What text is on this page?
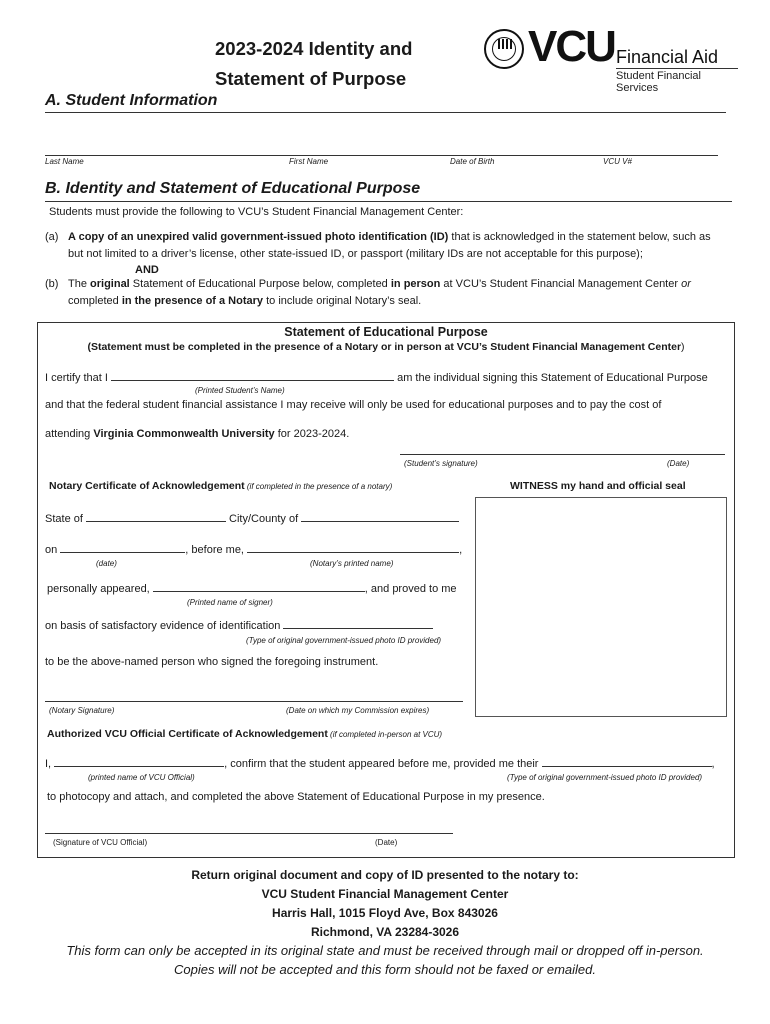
2023-2024 Identity and
Statement of Purpose
VCU Financial Aid
Student Financial Services
A. Student Information
Last Name	First Name	Date of Birth	VCU V#
B. Identity and Statement of Educational Purpose
Students must provide the following to VCU’s Student Financial Management Center:
(a) A copy of an unexpired valid government-issued photo identification (ID) that is acknowledged in the statement below, such as
but not limited to a driver’s license, other state-issued ID, or passport (military IDs are not acceptable for this purpose);
AND
(b) The original Statement of Educational Purpose below, completed in person at VCU’s Student Financial Management Center or
completed in the presence of a Notary to include original Notary’s seal.
Statement of Educational Purpose
(Statement must be completed in the presence of a Notary or in person at VCU’s Student Financial Management Center)
I certify that I	am the individual signing this Statement of Educational Purpose
(Printed Student’s Name)
and that the federal student financial assistance I may receive will only be used for educational purposes and to pay the cost of
attending Virginia Commonwealth University for 2023-2024.
(Student’s signature)	(Date)
Notary Certificate of Acknowledgement (if completed in the presence of a notary)	WITNESS my hand and official seal
State of	City/County of
on	, before me,	,
(date)	(Notary’s printed name)
personally appeared,	, and proved to me
(Printed name of signer)
on basis of satisfactory evidence of identification
(Type of original government-issued photo ID provided)
to be the above-named person who signed the foregoing instrument.
(Notary Signature)	(Date on which my Commission expires)
Authorized VCU Official Certificate of Acknowledgement (if completed in-person at VCU)
I,	, confirm that the student appeared before me, provided me their	,
(printed name of VCU Official)	(Type of original government-issued photo ID provided)
to photocopy and attach, and completed the above Statement of Educational Purpose in my presence.
(Signature of VCU Official)	(Date)
Return original document and copy of ID presented to the notary to:
VCU Student Financial Management Center
Harris Hall, 1015 Floyd Ave, Box 843026
Richmond, VA 23284-3026
This form can only be accepted in its original state and must be received through mail or dropped off in-person.
Copies will not be accepted and this form should not be faxed or emailed.
